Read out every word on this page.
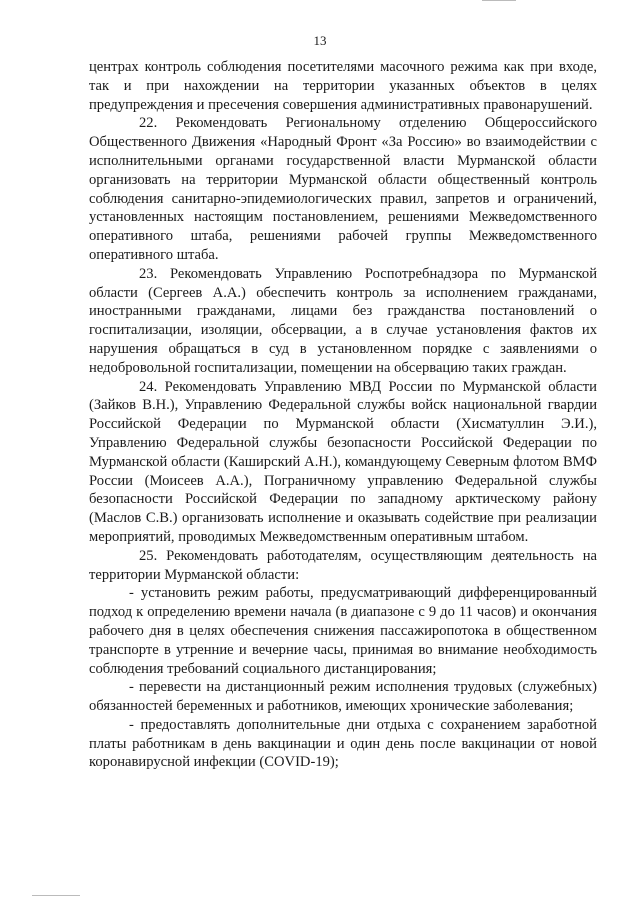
13

центрах контроль соблюдения посетителями масочного режима как при входе, так и при нахождении на территории указанных объектов в целях предупреждения и пресечения совершения административных правонарушений.

22. Рекомендовать Региональному отделению Общероссийского Общественного Движения «Народный Фронт «За Россию» во взаимодействии с исполнительными органами государственной власти Мурманской области организовать на территории Мурманской области общественный контроль соблюдения санитарно-эпидемиологических правил, запретов и ограничений, установленных настоящим постановлением, решениями Межведомственного оперативного штаба, решениями рабочей группы Межведомственного оперативного штаба.

23. Рекомендовать Управлению Роспотребнадзора по Мурманской области (Сергеев А.А.) обеспечить контроль за исполнением гражданами, иностранными гражданами, лицами без гражданства постановлений о госпитализации, изоляции, обсервации, а в случае установления фактов их нарушения обращаться в суд в установленном порядке с заявлениями о недобровольной госпитализации, помещении на обсервацию таких граждан.

24. Рекомендовать Управлению МВД России по Мурманской области (Зайков В.Н.), Управлению Федеральной службы войск национальной гвардии Российской Федерации по Мурманской области (Хисматуллин Э.И.), Управлению Федеральной службы безопасности Российской Федерации по Мурманской области (Каширский А.Н.), командующему Северным флотом ВМФ России (Моисеев А.А.), Пограничному управлению Федеральной службы безопасности Российской Федерации по западному арктическому району (Маслов С.В.) организовать исполнение и оказывать содействие при реализации мероприятий, проводимых Межведомственным оперативным штабом.

25. Рекомендовать работодателям, осуществляющим деятельность на территории Мурманской области:

- установить режим работы, предусматривающий дифференцированный подход к определению времени начала (в диапазоне с 9 до 11 часов) и окончания рабочего дня в целях обеспечения снижения пассажиропотока в общественном транспорте в утренние и вечерние часы, принимая во внимание необходимость соблюдения требований социального дистанцирования;

- перевести на дистанционный режим исполнения трудовых (служебных) обязанностей беременных и работников, имеющих хронические заболевания;

- предоставлять дополнительные дни отдыха с сохранением заработной платы работникам в день вакцинации и один день после вакцинации от новой коронавирусной инфекции (COVID-19);
